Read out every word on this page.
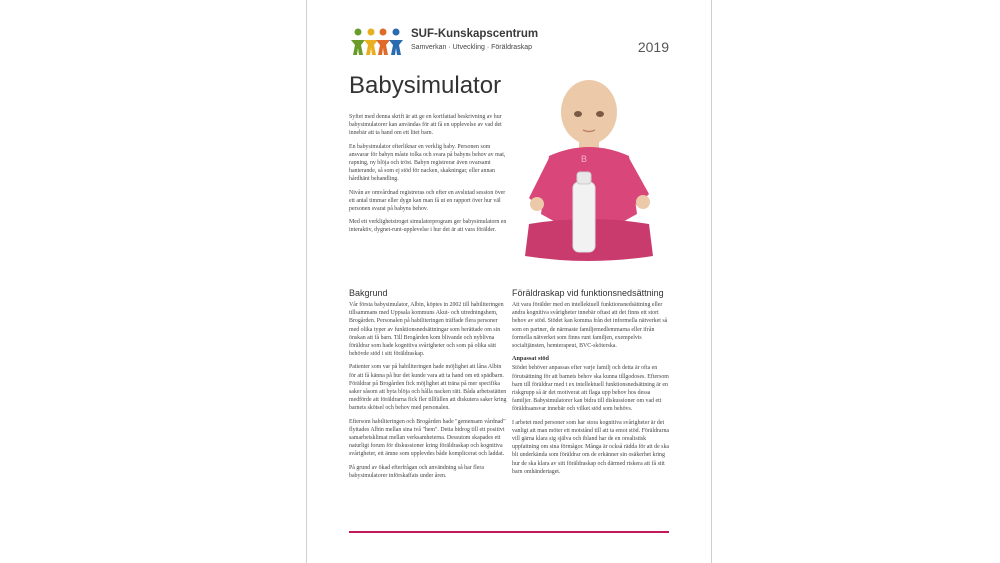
SUF-Kunskapscentrum
Samverkan · Utveckling · Föräldraskap	2019
Babysimulator

Syftet med denna skrift är att ge en kortfattad beskrivning av hur babysimulatorer kan användas för att få en upplevelse av vad det innebär att ta hand om ett litet barn.

En babysimulator efterliknar en verklig baby. Personen som ansvarar för babyn måste tolka och svara på babyns behov av mat, rapning, ny blöja och tröst. Babyn registrerar även ovarsamt hanterande, så som ej stöd för nacken, skakningar, eller annan hårdhänt behandling.

Nivån av omvårdnad registreras och efter en avslutad session över ett antal timmar eller dygn kan man få ut en rapport över hur väl personen svarat på babyns behov.

Med ett verklighetstroget simulatorprogram ger babysimulatorn en interaktiv, dygnet-runt-upplevelse i hur det är att vara förälder.

B
Bakgrund

Vår första babysimulator, Albin, köptes in 2002 till habiliteringen tillsammans med Uppsala kommuns Akut- och utredningshem, Brogården. Personalen på habiliteringen träffade flera personer med olika typer av funktionsnedsättningar som berättade om sin önskan att få barn. Till Brogården kom blivande och nyblivna föräldrar som hade kognitiva svårigheter och som på olika sätt behövde stöd i sitt föräldraskap.

Patienter som var på habiliteringen hade möjlighet att låna Albin för att få känna på hur det kunde vara att ta hand om ett spädbarn. Föräldrar på Brogården fick möjlighet att träna på mer specifika saker såsom att byta blöja och hålla nacken rätt. Båda arbetsstätten medförde att föräldrarna fick fler tillfällen att diskutera saker kring barnets skötsel och behov med personalen.

Eftersom habiliteringen och Brogården hade "gemensam vårdnad" flyttades Albin mellan sina två "hem". Detta bidrog till ett positivt samarbetsklimat mellan verksamheterna. Dessutom skapades ett naturligt forum för diskussioner kring föräldraskap och kognitiva svårigheter, ett ämne som upplevdes både komplicerat och laddat.

På grund av ökad efterfrågan och användning så har flera babysimulatorer införskaffats under åren.

Föräldraskap vid funktionsnedsättning

Att vara förälder med en intellektuell funktionsnedsättning eller andra kognitiva svårigheter innebär oftast att det finns ett stort behov av stöd. Stödet kan komma från det informella nätverket så som en partner, de närmaste familjemedlemmarna eller ifrån formella nätverket som finns runt familjen, exempelvis socialtjänsten, hemterapeut, BVC-sköterska.

Anpassat stöd

Stödet behöver anpassas efter varje familj och detta är ofta en förutsättning för att barnets behov ska kunna tillgodoses. Eftersom barn till föräldrar med t ex intellektuell funktionsnedsättning är en riskgrupp så är det motiverat att flaga upp behov hos dessa familjer. Babysimulatorer kan bidra till diskussioner om vad ett föräldraansvar innebär och vilket stöd som behövs.

I arbetet med personer som har stora kognitiva svårigheter är det vanligt att man möter ett motstånd till att ta emot stöd. Föräldrarna vill gärna klara sig själva och ibland har de en orealistisk uppfattning om sina förmågor. Många är också rädda för att de ska bli underkända som föräldrar om de erkänner sin osäkerhet kring hur de ska klara av sitt föräldraskap och därmed riskera att få sitt barn omhändertaget.
